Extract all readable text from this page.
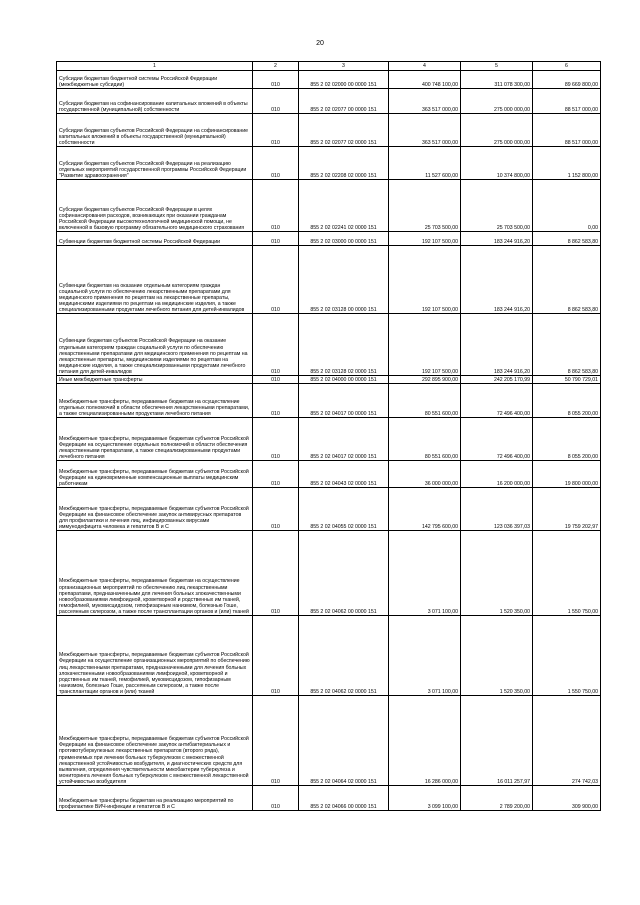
20
1	2	3	4	5	6
Субсидии бюджетам бюджетной системы Российской Федерации (межбюджетные субсидии)	010	855 2 02 02000 00 0000 151	400 748 100,00	311 078 300,00	89 669 800,00
Субсидии бюджетам на софинансирование капитальных вложений в объекты государственной (муниципальной) собственности	010	855 2 02 02077 00 0000 151	363 517 000,00	275 000 000,00	88 517 000,00
Субсидии бюджетам субъектов Российской Федерации на софинансирование капитальных вложений в объекты государственной (муниципальной) собственности	010	855 2 02 02077 02 0000 151	363 517 000,00	275 000 000,00	88 517 000,00
Субсидии бюджетам субъектов Российской Федерации на реализацию отдельных мероприятий государственной программы Российской Федерации "Развитие здравоохранения"	010	855 2 02 02208 02 0000 151	11 527 600,00	10 374 800,00	1 152 800,00
Субсидии бюджетам субъектов Российской Федерации в целях софинансирования расходов, возникающих при оказании гражданам Российской Федерации высокотехнологичной медицинской помощи, не включенной в базовую программу обязательного медицинского страхования	010	855 2 02 02241 02 0000 151	25 703 500,00	25 703 500,00	0,00
Субвенции бюджетам бюджетной системы Российской Федерации	010	855 2 02 03000 00 0000 151	192 107 500,00	183 244 916,20	8 862 583,80
Субвенции бюджетам на оказание отдельным категориям граждан социальной услуги по обеспечению лекарственными препаратами для медицинского применения по рецептам на лекарственные препараты, медицинскими изделиями по рецептам на медицинские изделия, а также специализированными продуктами лечебного питания для детей-инвалидов	010	855 2 02 03128 00 0000 151	192 107 500,00	183 244 916,20	8 862 583,80
Субвенции бюджетам субъектов Российской Федерации на оказание отдельным категориям граждан социальной услуги по обеспечению лекарственными препаратами для медицинского применения по рецептам на лекарственные препараты, медицинскими изделиями по рецептам на медицинские изделия, а также специализированными продуктами лечебного питания для детей-инвалидов	010	855 2 02 03128 02 0000 151	192 107 500,00	183 244 916,20	8 862 583,80
Иные межбюджетные трансферты	010	855 2 02 04000 00 0000 151	292 895 900,00	242 205 170,99	50 790 729,01
Межбюджетные трансферты, передаваемые бюджетам на осуществление отдельных полномочий в области обеспечения лекарственными препаратами, а также специализированными продуктами лечебного питания	010	855 2 02 04017 00 0000 151	80 551 600,00	72 496 400,00	8 055 200,00
Межбюджетные трансферты, передаваемые бюджетам субъектов Российской Федерации на осуществление отдельных полномочий в области обеспечения лекарственными препаратами, а также специализированными продуктами лечебного питания	010	855 2 02 04017 02 0000 151	80 551 600,00	72 496 400,00	8 055 200,00
Межбюджетные трансферты, передаваемые бюджетам субъектов Российской Федерации на единовременные компенсационные выплаты медицинским работникам	010	855 2 02 04043 02 0000 151	36 000 000,00	16 200 000,00	19 800 000,00
Межбюджетные трансферты, передаваемые бюджетам субъектов Российской Федерации на финансовое обеспечение закупок антивирусных препаратов для профилактики и лечения лиц, инфицированных вирусами иммунодефицита человека и гепатитов В и С	010	855 2 02 04055 02 0000 151	142 795 600,00	123 036 397,03	19 759 202,97
Межбюджетные трансферты, передаваемые бюджетам на осуществление организационных мероприятий по обеспечению лиц лекарственными препаратами, предназначенными для лечения больных злокачественными новообразованиями лимфоидной, кроветворной и родственных им тканей, гемофилией, муковисцидозом, гипофизарным нанизмом, болезнью Гоше, рассеянным склерозом, а также после трансплантации органов и (или) тканей	010	855 2 02 04062 00 0000 151	3 071 100,00	1 520 350,00	1 550 750,00
Межбюджетные трансферты, передаваемые бюджетам субъектов Российской Федерации на осуществление организационных мероприятий по обеспечению лиц лекарственными препаратами, предназначенными для лечения больных злокачественными новообразованиями лимфоидной, кроветворной и родственных им тканей, гемофилией, муковисцидозом, гипофизарным нанизмом, болезнью Гоше, рассеянным склерозом, а также после трансплантации органов и (или) тканей	010	855 2 02 04062 02 0000 151	3 071 100,00	1 520 350,00	1 550 750,00
Межбюджетные трансферты, передаваемые бюджетам субъектов Российской Федерации на финансовое обеспечение закупок антибактериальных и противотуберкулезных лекарственных препаратов (второго ряда), применяемых при лечении больных туберкулезом с множественной лекарственной устойчивостью возбудителя, и диагностических средств для выявления, определения чувствительности микобактерии туберкулеза и мониторинга лечения больных туберкулезом с множественной лекарственной устойчивостью возбудителя	010	855 2 02 04064 02 0000 151	16 286 000,00	16 011 257,97	274 742,03
Межбюджетные трансферты бюджетам на реализацию мероприятий по профилактике ВИЧ-инфекции и гепатитов В и С	010	855 2 02 04066 00 0000 151	3 099 100,00	2 789 200,00	309 900,00
